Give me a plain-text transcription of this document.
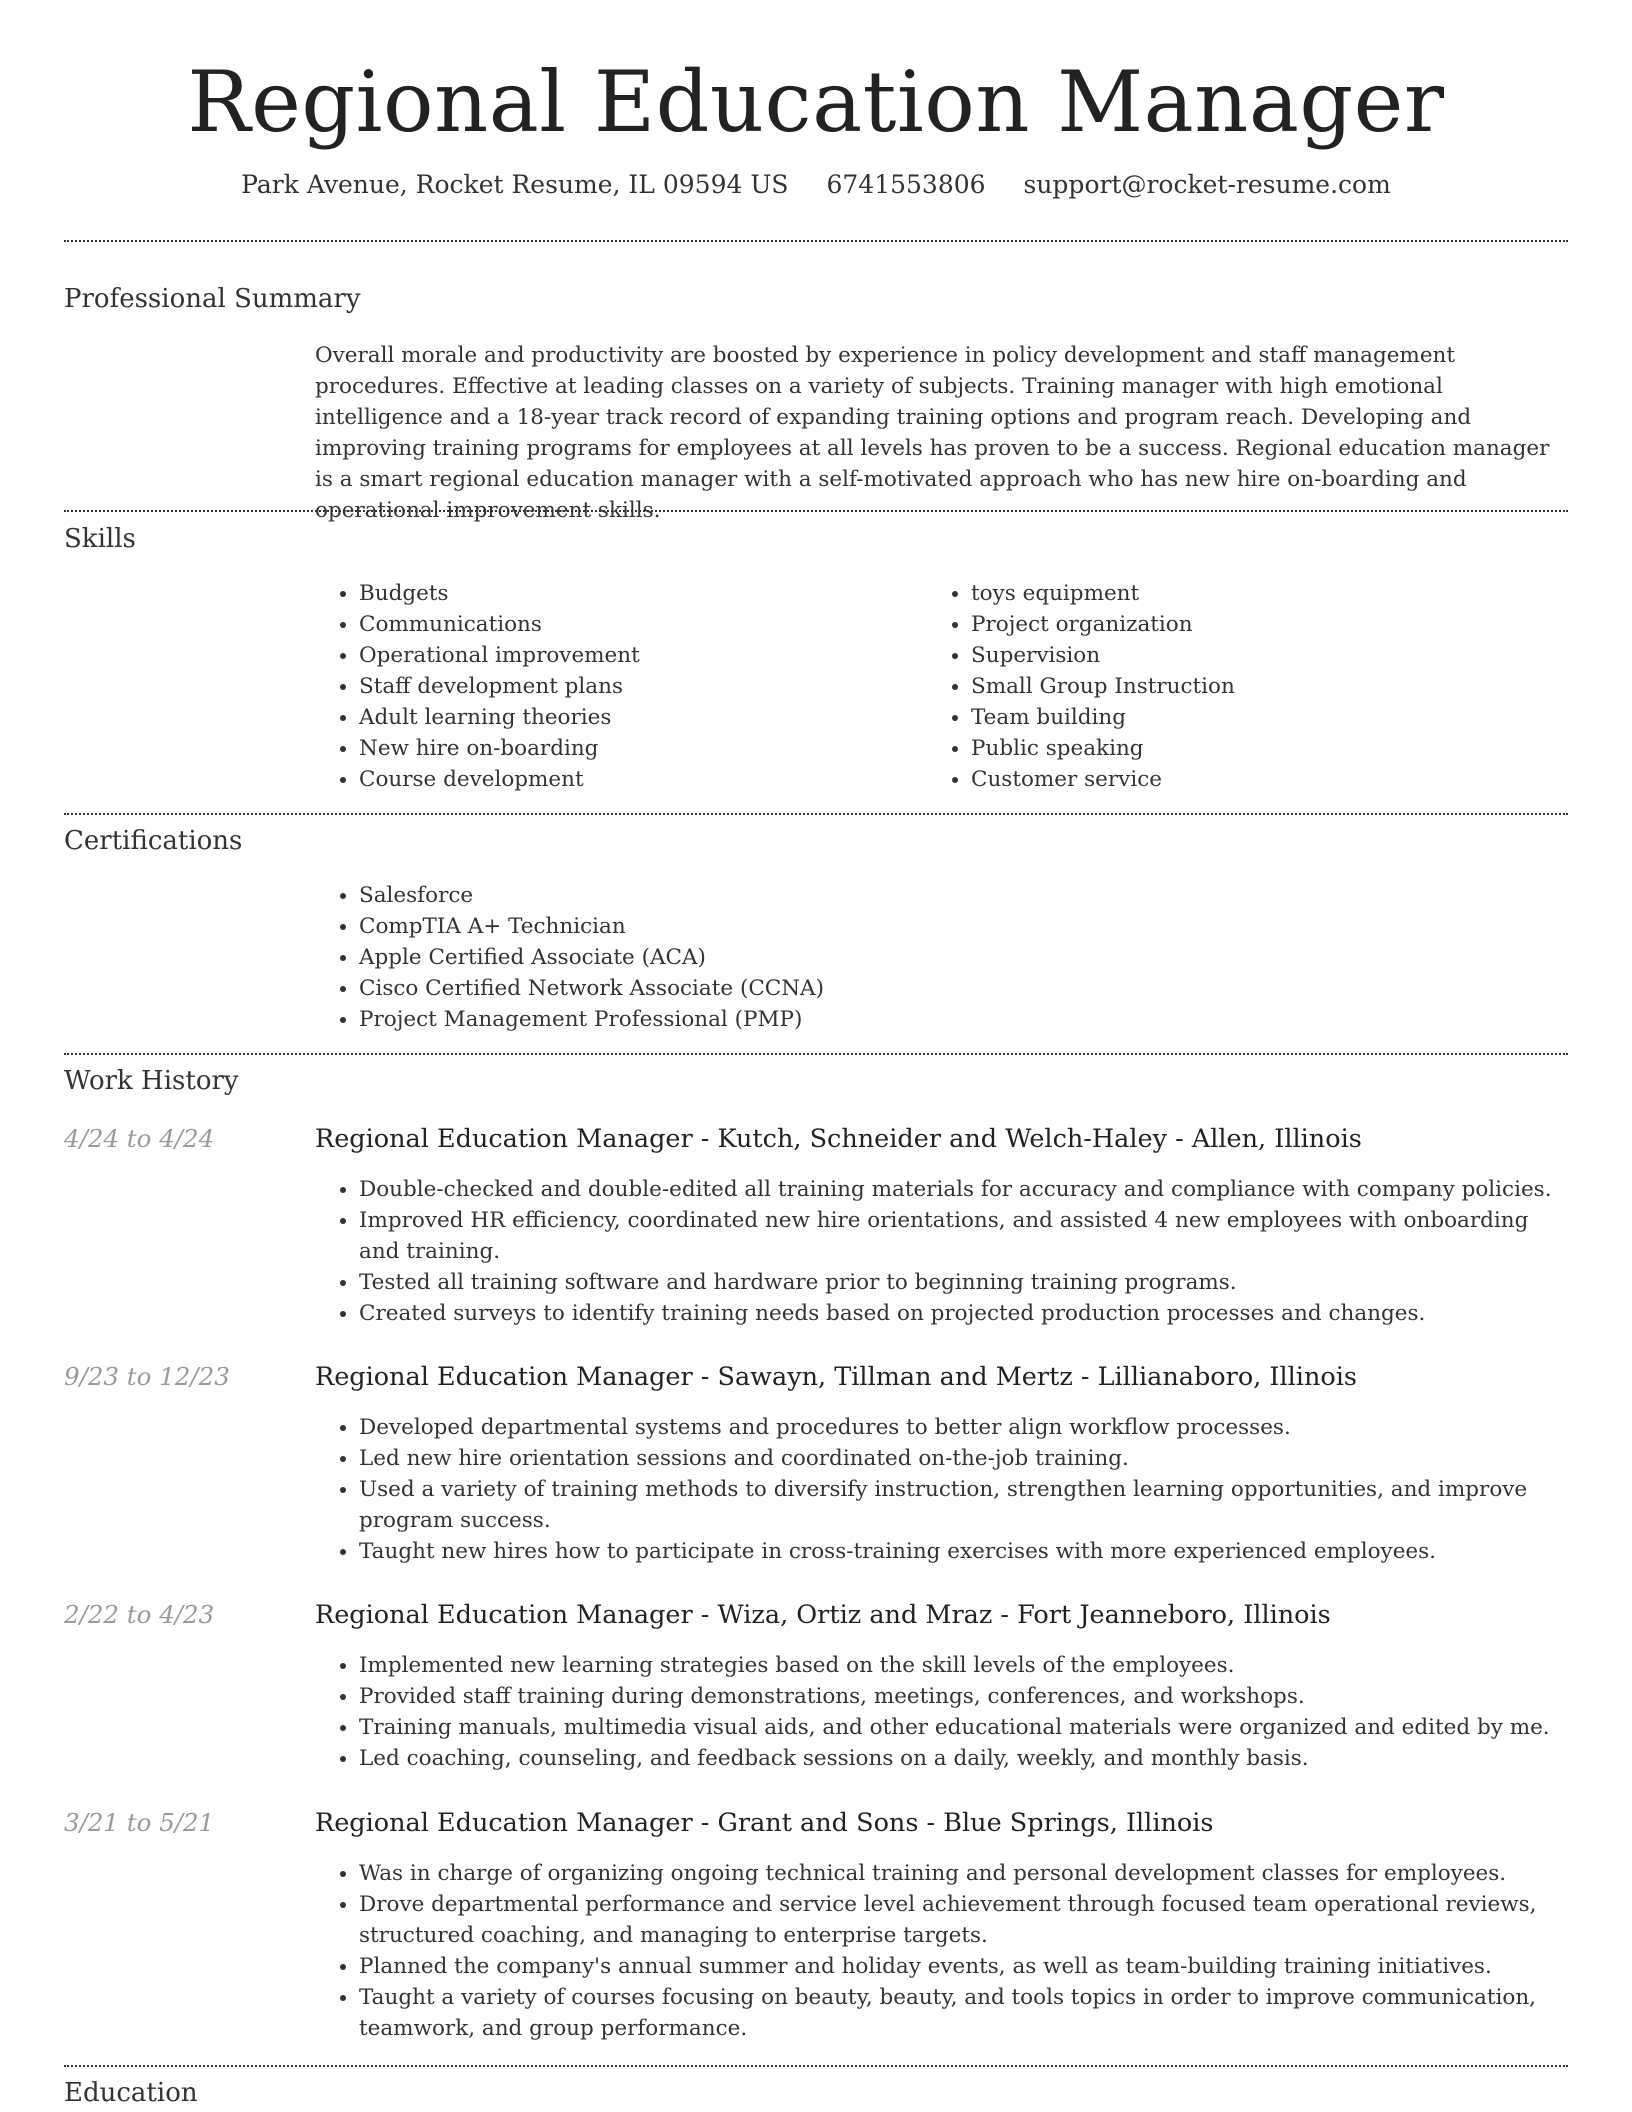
Regional Education Manager
Park Avenue, Rocket Resume, IL 09594 US 6741553806 support@rocket-resume.com
Professional Summary

Overall morale and productivity are boosted by experience in policy development and staff management procedures. Effective at leading classes on a variety of subjects. Training manager with high emotional intelligence and a 18-year track record of expanding training options and program reach. Developing and improving training programs for employees at all levels has proven to be a success. Regional education manager is a smart regional education manager with a self-motivated approach who has new hire on-boarding and operational improvement skills.

Skills
• Budgets
• Communications
• Operational improvement
• Staff development plans
• Adult learning theories
• New hire on-boarding
• Course development
• toys equipment
• Project organization
• Supervision
• Small Group Instruction
• Team building
• Public speaking
• Customer service
Certifications
• Salesforce
• CompTIA A+ Technician
• Apple Certified Associate (ACA)
• Cisco Certified Network Associate (CCNA)
• Project Management Professional (PMP)
Work History
4/24 to 4/24	Regional Education Manager - Kutch, Schneider and Welch-Haley - Allen, Illinois
• Double-checked and double-edited all training materials for accuracy and compliance with company policies.
• Improved HR efficiency, coordinated new hire orientations, and assisted 4 new employees with onboarding and training.
• Tested all training software and hardware prior to beginning training programs.
• Created surveys to identify training needs based on projected production processes and changes.
9/23 to 12/23	Regional Education Manager - Sawayn, Tillman and Mertz - Lillianaboro, Illinois
• Developed departmental systems and procedures to better align workflow processes.
• Led new hire orientation sessions and coordinated on-the-job training.
• Used a variety of training methods to diversify instruction, strengthen learning opportunities, and improve program success.
• Taught new hires how to participate in cross-training exercises with more experienced employees.
2/22 to 4/23	Regional Education Manager - Wiza, Ortiz and Mraz - Fort Jeanneboro, Illinois
• Implemented new learning strategies based on the skill levels of the employees.
• Provided staff training during demonstrations, meetings, conferences, and workshops.
• Training manuals, multimedia visual aids, and other educational materials were organized and edited by me.
• Led coaching, counseling, and feedback sessions on a daily, weekly, and monthly basis.
3/21 to 5/21	Regional Education Manager - Grant and Sons - Blue Springs, Illinois
• Was in charge of organizing ongoing technical training and personal development classes for employees.
• Drove departmental performance and service level achievement through focused team operational reviews, structured coaching, and managing to enterprise targets.
• Planned the company's annual summer and holiday events, as well as team-building training initiatives.
• Taught a variety of courses focusing on beauty, beauty, and tools topics in order to improve communication, teamwork, and group performance.
Education
